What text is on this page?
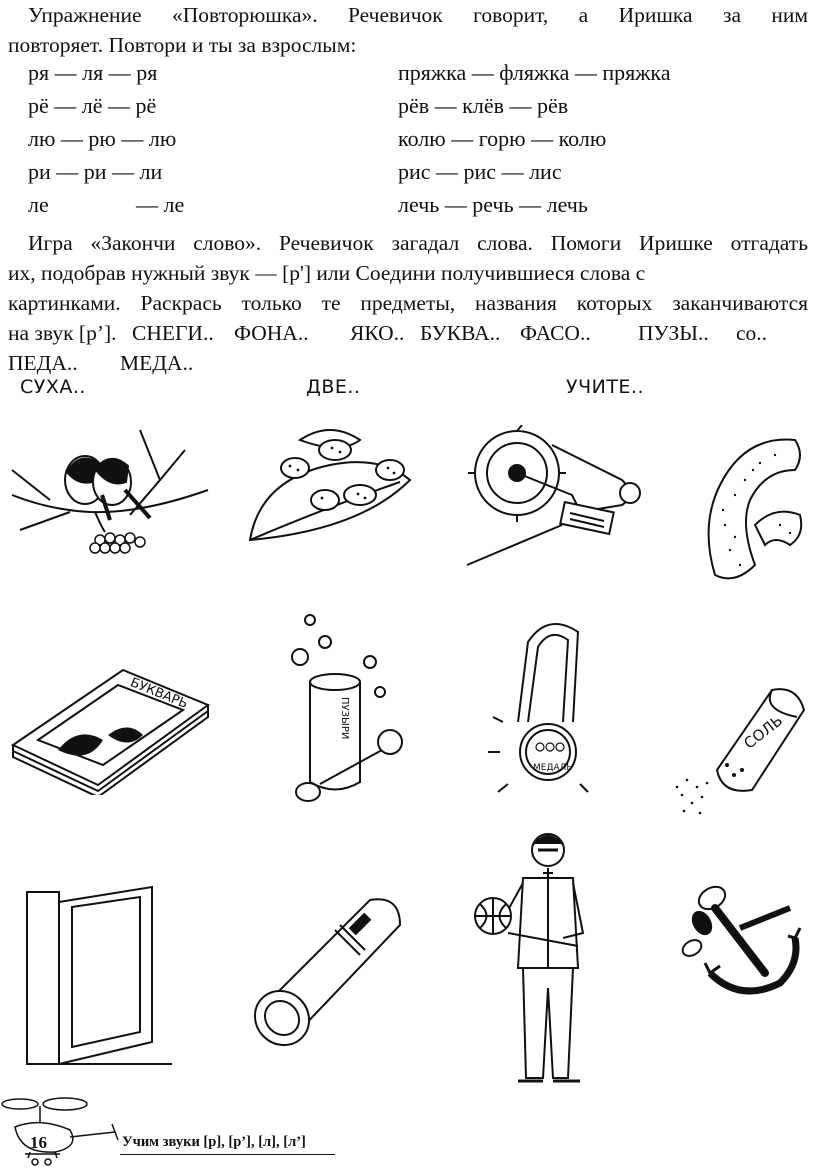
Упражнение «Повторюшка». Речевичок говорит, а Иришка за ним
повторяет. Повтори и ты за взрослым:
ря — ля — ря	пряжка — фляжка — пряжка
рё — лё — рё	рёв — клёв — рёв
лю — рю — лю	колю — горю — колю
ри — ри — ли	рис — рис — лис
ле	— ле	лечь — речь — лечь
Игра «Закончи слово». Речевичок загадал слова. Помоги Иришке отгадать
их, подобрав нужный звук — [р'] или Соедини получившиеся слова с
картинками. Раскрась только те предметы, названия которых заканчиваются
на звук [р’]. СНЕГИ.. ФОНА.. ЯКО.. БУКВА.. ФАСО.. ПУЗЫ.. со..
ПЕДА.. МЕДА..
СУХА..	ДВЕ..	УЧИТЕ..
БУКВАРЬ
ПУЗЫРИ
МЕДАЛЬ
СОЛЬ
16	Учим звуки [р], [р’], [л], [л’]
